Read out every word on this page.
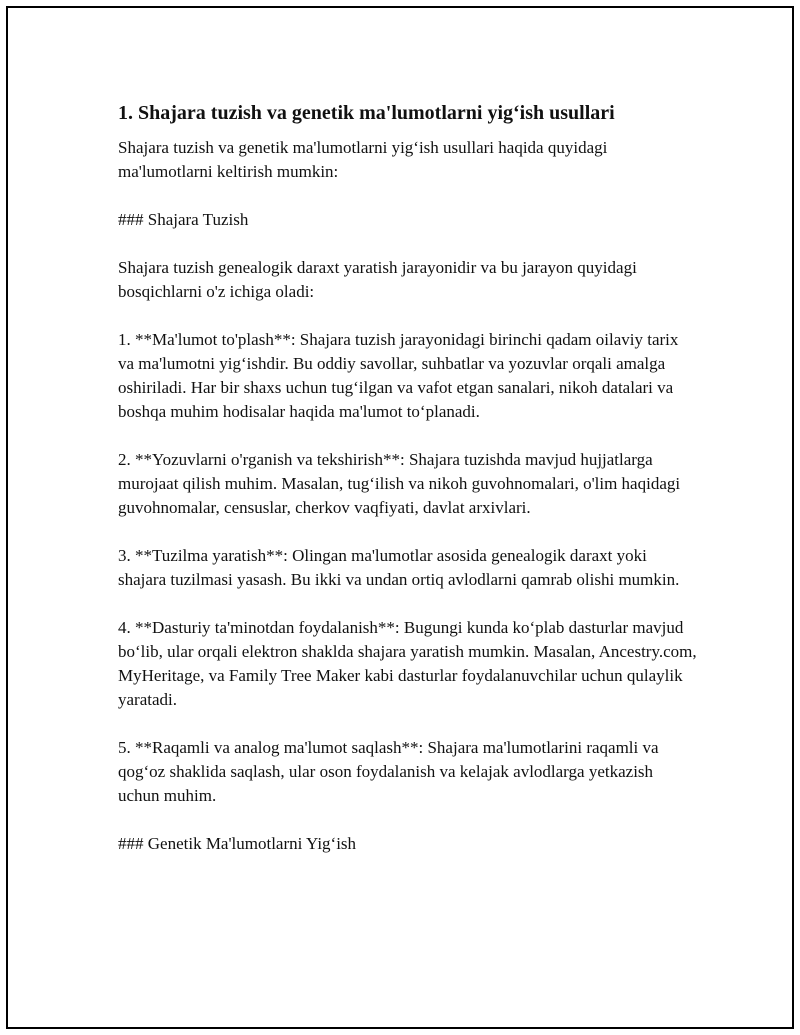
1. Shajara tuzish va genetik ma'lumotlarni yig‘ish usullari

Shajara tuzish va genetik ma'lumotlarni yig‘ish usullari haqida quyidagi ma'lumotlarni keltirish mumkin:

### Shajara Tuzish

Shajara tuzish genealogik daraxt yaratish jarayonidir va bu jarayon quyidagi bosqichlarni o'z ichiga oladi:

1. **Ma'lumot to'plash**: Shajara tuzish jarayonidagi birinchi qadam oilaviy tarix va ma'lumotni yig‘ishdir. Bu oddiy savollar, suhbatlar va yozuvlar orqali amalga oshiriladi. Har bir shaxs uchun tug‘ilgan va vafot etgan sanalari, nikoh datalari va boshqa muhim hodisalar haqida ma'lumot to‘planadi.

2. **Yozuvlarni o'rganish va tekshirish**: Shajara tuzishda mavjud hujjatlarga murojaat qilish muhim. Masalan, tug‘ilish va nikoh guvohnomalari, o'lim haqidagi guvohnomalar, censuslar, cherkov vaqfiyati, davlat arxivlari.

3. **Tuzilma yaratish**: Olingan ma'lumotlar asosida genealogik daraxt yoki shajara tuzilmasi yasash. Bu ikki va undan ortiq avlodlarni qamrab olishi mumkin.

4. **Dasturiy ta'minotdan foydalanish**: Bugungi kunda ko‘plab dasturlar mavjud bo‘lib, ular orqali elektron shaklda shajara yaratish mumkin. Masalan, Ancestry.com, MyHeritage, va Family Tree Maker kabi dasturlar foydalanuvchilar uchun qulaylik yaratadi.

5. **Raqamli va analog ma'lumot saqlash**: Shajara ma'lumotlarini raqamli va qog‘oz shaklida saqlash, ular oson foydalanish va kelajak avlodlarga yetkazish uchun muhim.

### Genetik Ma'lumotlarni Yig‘ish
